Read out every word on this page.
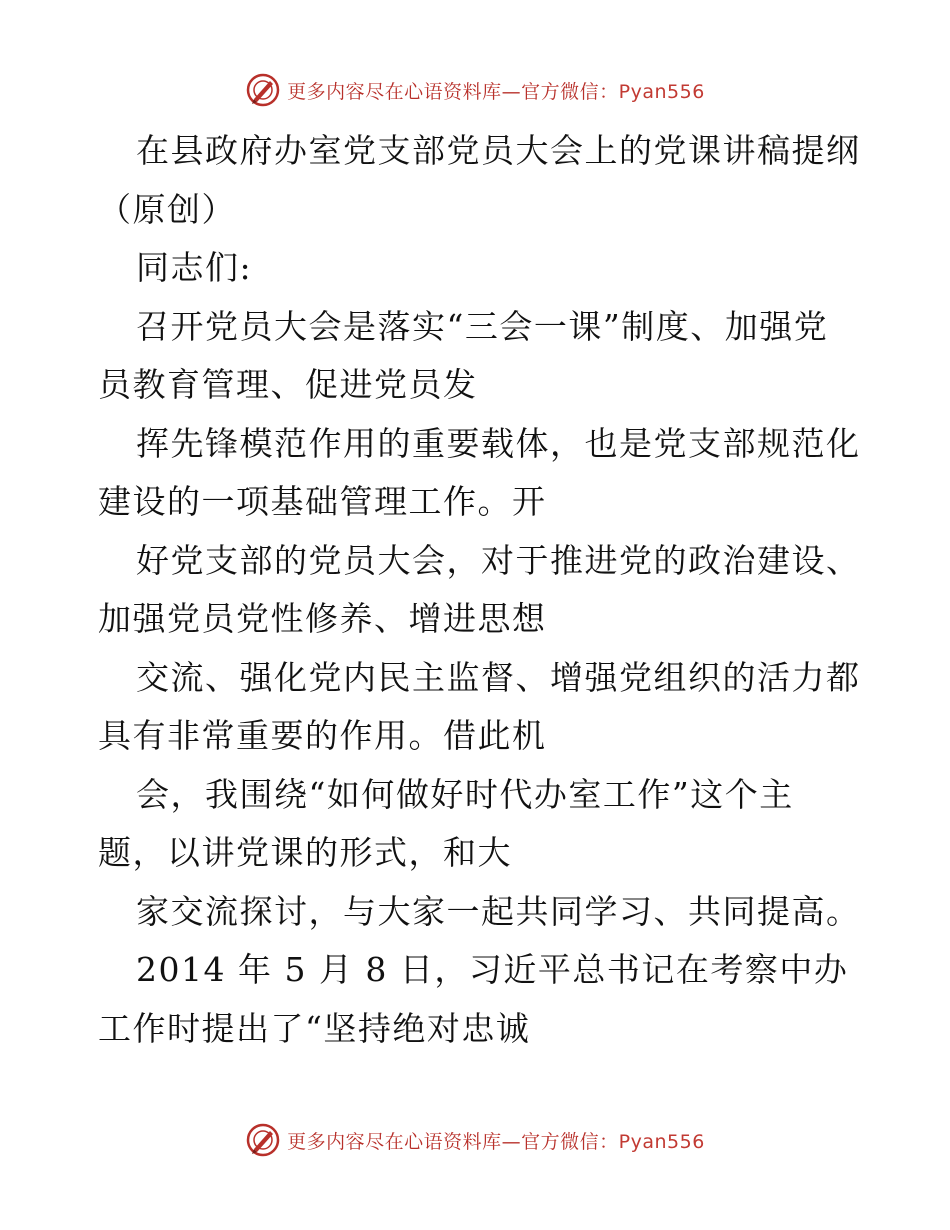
更多内容尽在心语资料库—官方微信：Pyan556
在县政府办室党支部党员大会上的党课讲稿提纲
（原创）
同志们:
召开党员大会是落实“三会一课”制度、加强党
员教育管理、促进党员发
挥先锋模范作用的重要载体，也是党支部规范化
建设的一项基础管理工作。开
好党支部的党员大会，对于推进党的政治建设、
加强党员党性修养、增进思想
交流、强化党内民主监督、增强党组织的活力都
具有非常重要的作用。借此机
会，我围绕“如何做好时代办室工作”这个主
题，以讲党课的形式，和大
家交流探讨，与大家一起共同学习、共同提高。
2014 年 5 月 8 日，习近平总书记在考察中办
工作时提出了“坚持绝对忠诚
更多内容尽在心语资料库—官方微信：Pyan556
